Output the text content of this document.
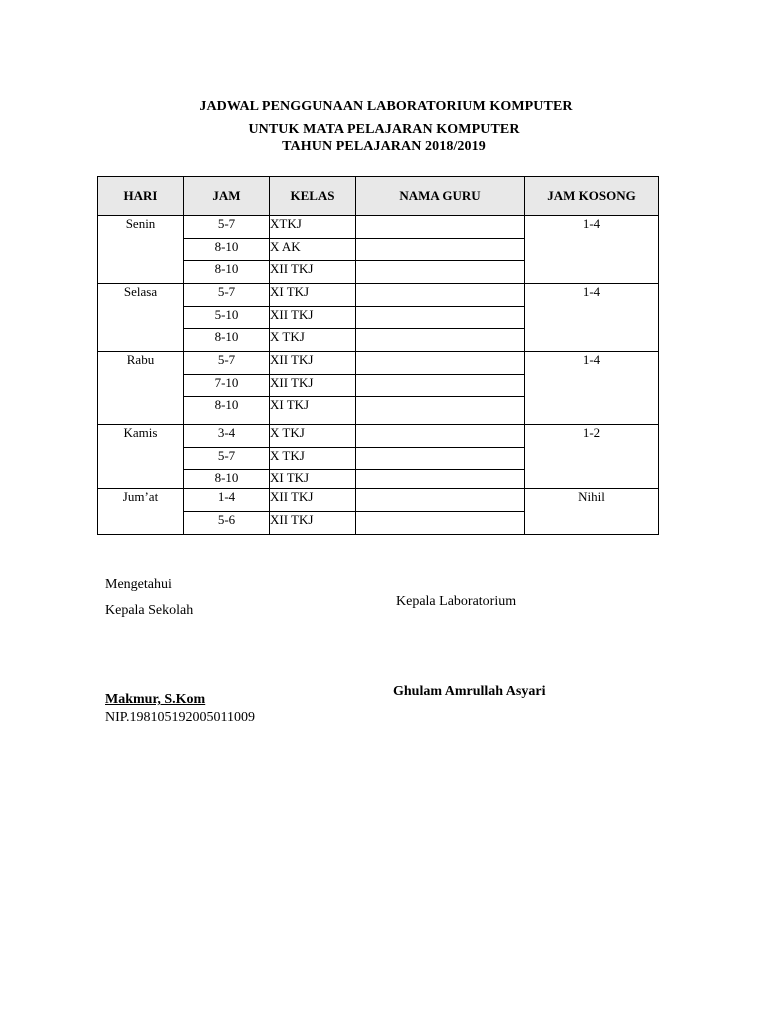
JADWAL PENGGUNAAN LABORATORIUM KOMPUTER
UNTUK MATA PELAJARAN KOMPUTER
TAHUN PELAJARAN 2018/2019
HARI	JAM	KELAS	NAMA GURU	JAM KOSONG
Senin	5-7	XTKJ		1-4
	8-10	X AK		
	8-10	XII TKJ		
Selasa	5-7	XI TKJ		1-4
	5-10	XII TKJ		
	8-10	X TKJ		
Rabu	5-7	XII TKJ		1-4
	7-10	XII TKJ		
	8-10	XI TKJ		
Kamis	3-4	X TKJ		1-2
	5-7	X TKJ		
	8-10	XI TKJ		
Jum’at	1-4	XII TKJ		Nihil
	5-6	XII TKJ		
Mengetahui
Kepala Sekolah
Kepala Laboratorium
Ghulam Amrullah Asyari
Makmur, S.Kom
NIP.198105192005011009
